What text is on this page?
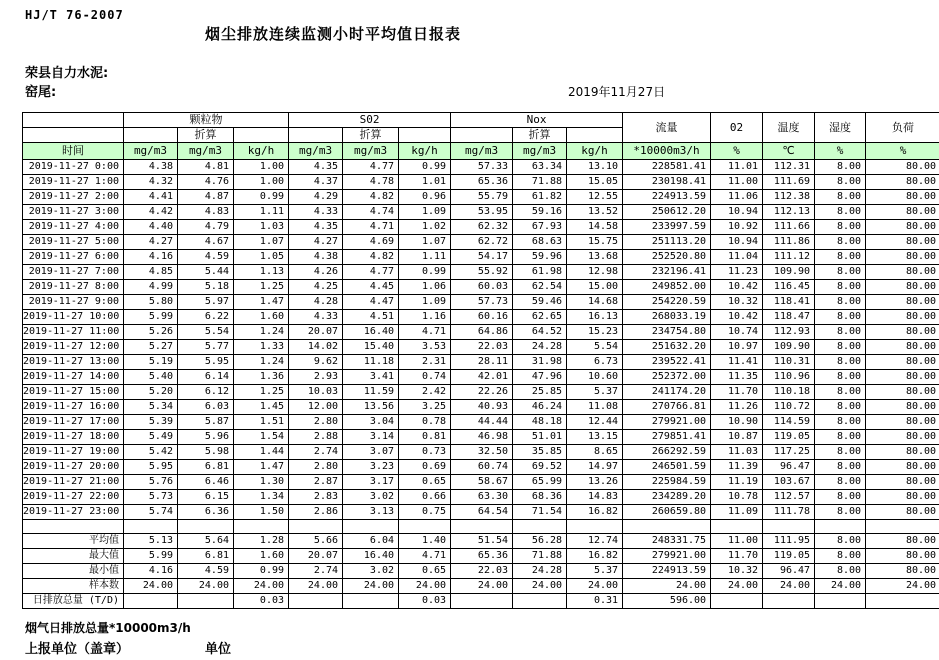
HJ/T 76-2007
烟尘排放连续监测小时平均值日报表
荣县自力水泥:
窑尾:	2019年11月27日
	颗粒物			S02			Nox			流量	02	温度	湿度	负荷
		折算			折算			折算						
时间	mg/m3	mg/m3	kg/h	mg/m3	mg/m3	kg/h	mg/m3	mg/m3	kg/h	*10000m3/h	%	℃	%	%
2019-11-27 0:00	4.38	4.81	1.00	4.35	4.77	0.99	57.33	63.34	13.10	228581.41	11.01	112.31	8.00	80.00
2019-11-27 1:00	4.32	4.76	1.00	4.37	4.78	1.01	65.36	71.88	15.05	230198.41	11.00	111.69	8.00	80.00
2019-11-27 2:00	4.41	4.87	0.99	4.29	4.82	0.96	55.79	61.82	12.55	224913.59	11.06	112.38	8.00	80.00
2019-11-27 3:00	4.42	4.83	1.11	4.33	4.74	1.09	53.95	59.16	13.52	250612.20	10.94	112.13	8.00	80.00
2019-11-27 4:00	4.40	4.79	1.03	4.35	4.71	1.02	62.32	67.93	14.58	233997.59	10.92	111.66	8.00	80.00
2019-11-27 5:00	4.27	4.67	1.07	4.27	4.69	1.07	62.72	68.63	15.75	251113.20	10.94	111.86	8.00	80.00
2019-11-27 6:00	4.16	4.59	1.05	4.38	4.82	1.11	54.17	59.96	13.68	252520.80	11.04	111.12	8.00	80.00
2019-11-27 7:00	4.85	5.44	1.13	4.26	4.77	0.99	55.92	61.98	12.98	232196.41	11.23	109.90	8.00	80.00
2019-11-27 8:00	4.99	5.18	1.25	4.25	4.45	1.06	60.03	62.54	15.00	249852.00	10.42	116.45	8.00	80.00
2019-11-27 9:00	5.80	5.97	1.47	4.28	4.47	1.09	57.73	59.46	14.68	254220.59	10.32	118.41	8.00	80.00
2019-11-27 10:00	5.99	6.22	1.60	4.33	4.51	1.16	60.16	62.65	16.13	268033.19	10.42	118.47	8.00	80.00
2019-11-27 11:00	5.26	5.54	1.24	20.07	16.40	4.71	64.86	64.52	15.23	234754.80	10.74	112.93	8.00	80.00
2019-11-27 12:00	5.27	5.77	1.33	14.02	15.40	3.53	22.03	24.28	5.54	251632.20	10.97	109.90	8.00	80.00
2019-11-27 13:00	5.19	5.95	1.24	9.62	11.18	2.31	28.11	31.98	6.73	239522.41	11.41	110.31	8.00	80.00
2019-11-27 14:00	5.40	6.14	1.36	2.93	3.41	0.74	42.01	47.96	10.60	252372.00	11.35	110.96	8.00	80.00
2019-11-27 15:00	5.20	6.12	1.25	10.03	11.59	2.42	22.26	25.85	5.37	241174.20	11.70	110.18	8.00	80.00
2019-11-27 16:00	5.34	6.03	1.45	12.00	13.56	3.25	40.93	46.24	11.08	270766.81	11.26	110.72	8.00	80.00
2019-11-27 17:00	5.39	5.87	1.51	2.80	3.04	0.78	44.44	48.18	12.44	279921.00	10.90	114.59	8.00	80.00
2019-11-27 18:00	5.49	5.96	1.54	2.88	3.14	0.81	46.98	51.01	13.15	279851.41	10.87	119.05	8.00	80.00
2019-11-27 19:00	5.42	5.98	1.44	2.74	3.07	0.73	32.50	35.85	8.65	266292.59	11.03	117.25	8.00	80.00
2019-11-27 20:00	5.95	6.81	1.47	2.80	3.23	0.69	60.74	69.52	14.97	246501.59	11.39	96.47	8.00	80.00
2019-11-27 21:00	5.76	6.46	1.30	2.87	3.17	0.65	58.67	65.99	13.26	225984.59	11.19	103.67	8.00	80.00
2019-11-27 22:00	5.73	6.15	1.34	2.83	3.02	0.66	63.30	68.36	14.83	234289.20	10.78	112.57	8.00	80.00
2019-11-27 23:00	5.74	6.36	1.50	2.86	3.13	0.75	64.54	71.54	16.82	260659.80	11.09	111.78	8.00	80.00

平均值	5.13	5.64	1.28	5.66	6.04	1.40	51.54	56.28	12.74	248331.75	11.00	111.95	8.00	80.00
最大值	5.99	6.81	1.60	20.07	16.40	4.71	65.36	71.88	16.82	279921.00	11.70	119.05	8.00	80.00
最小值	4.16	4.59	0.99	2.74	3.02	0.65	22.03	24.28	5.37	224913.59	10.32	96.47	8.00	80.00
样本数	24.00	24.00	24.00	24.00	24.00	24.00	24.00	24.00	24.00	24.00	24.00	24.00	24.00	24.00
日排放总量 (T/D)			0.03			0.03			0.31	596.00				
烟气日排放总量*10000m3/h
上报单位（盖章）	单位
